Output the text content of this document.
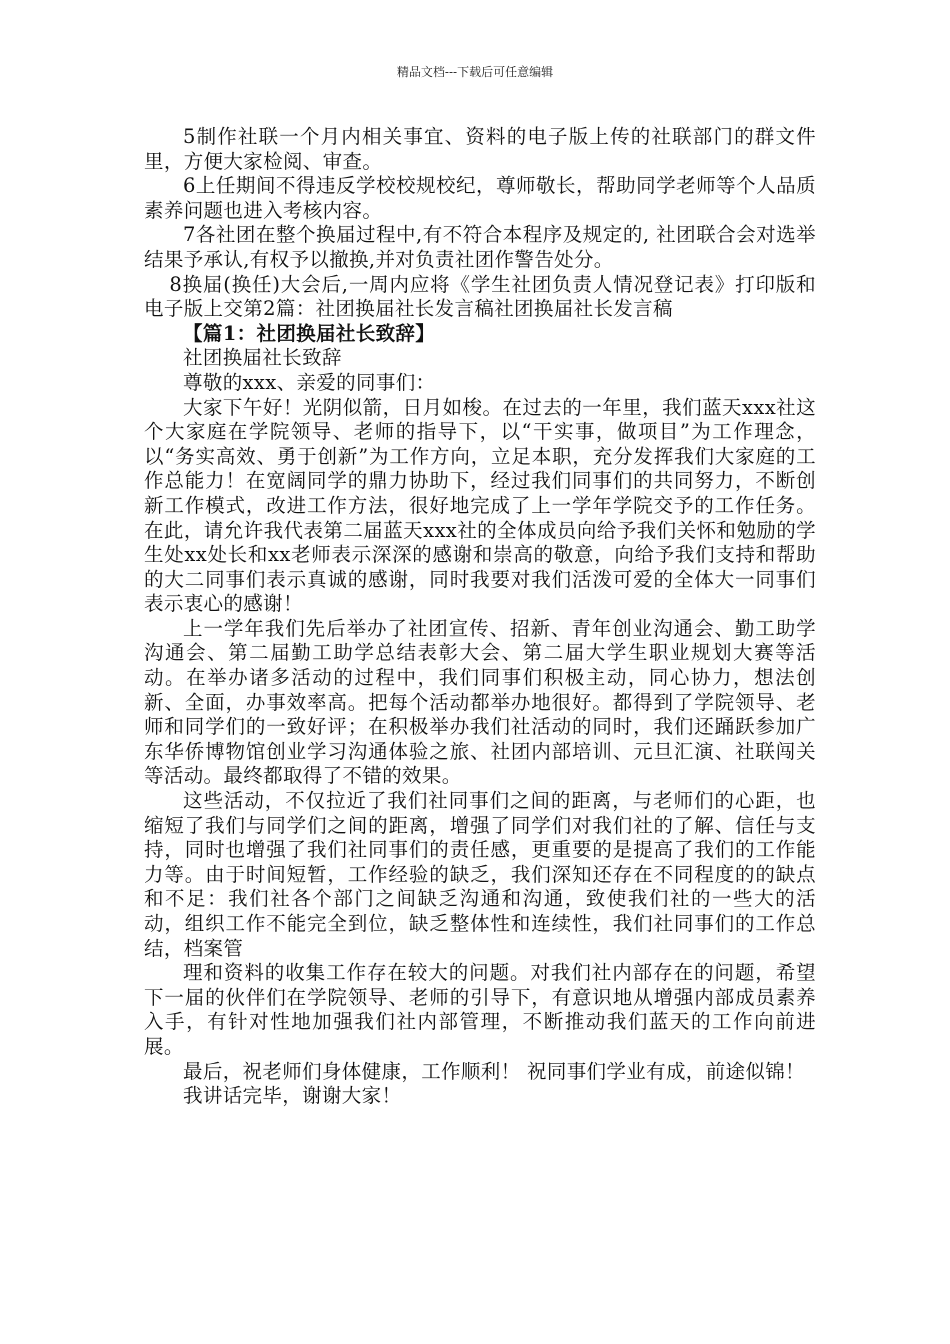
精品文档---下载后可任意编辑

5制作社联一个月内相关事宜、资料的电子版上传的社联部门的群文件里，方便大家检阅、审查。

6上任期间不得违反学校校规校纪，尊师敬长，帮助同学老师等个人品质素养问题也进入考核内容。

7各社团在整个换届过程中,有不符合本程序及规定的, 社团联合会对选举结果予承认,有权予以撤换,并对负责社团作警告处分。

8换届(换任)大会后,一周内应将《学生社团负责人情况登记表》打印版和电子版上交第2篇：社团换届社长发言稿社团换届社长发言稿

【篇1：社团换届社长致辞】

社团换届社长致辞

尊敬的xxx、亲爱的同事们：

大家下午好！光阴似箭，日月如梭。在过去的一年里，我们蓝天xxx社这个大家庭在学院领导、老师的指导下，以“干实事，做项目”为工作理念，以“务实高效、勇于创新”为工作方向，立足本职，充分发挥我们大家庭的工作总能力！在宽阔同学的鼎力协助下，经过我们同事们的共同努力，不断创新工作模式，改进工作方法，很好地完成了上一学年学院交予的工作任务。在此，请允许我代表第二届蓝天xxx社的全体成员向给予我们关怀和勉励的学生处xx处长和xx老师表示深深的感谢和崇高的敬意，向给予我们支持和帮助的大二同事们表示真诚的感谢，同时我要对我们活泼可爱的全体大一同事们表示衷心的感谢！

上一学年我们先后举办了社团宣传、招新、青年创业沟通会、勤工助学沟通会、第二届勤工助学总结表彰大会、第二届大学生职业规划大赛等活动。在举办诸多活动的过程中，我们同事们积极主动，同心协力，想法创新、全面，办事效率高。把每个活动都举办地很好。都得到了学院领导、老师和同学们的一致好评；在积极举办我们社活动的同时，我们还踊跃参加广东华侨博物馆创业学习沟通体验之旅、社团内部培训、元旦汇演、社联闯关等活动。最终都取得了不错的效果。

这些活动，不仅拉近了我们社同事们之间的距离，与老师们的心距，也缩短了我们与同学们之间的距离，增强了同学们对我们社的了解、信任与支持，同时也增强了我们社同事们的责任感，更重要的是提高了我们的工作能力等。由于时间短暂，工作经验的缺乏，我们深知还存在不同程度的的缺点和不足：我们社各个部门之间缺乏沟通和沟通，致使我们社的一些大的活动，组织工作不能完全到位，缺乏整体性和连续性，我们社同事们的工作总结，档案管

理和资料的收集工作存在较大的问题。对我们社内部存在的问题，希望下一届的伙伴们在学院领导、老师的引导下，有意识地从增强内部成员素养入手，有针对性地加强我们社内部管理，不断推动我们蓝天的工作向前进展。

最后，祝老师们身体健康，工作顺利！ 祝同事们学业有成，前途似锦！

我讲话完毕，谢谢大家！
